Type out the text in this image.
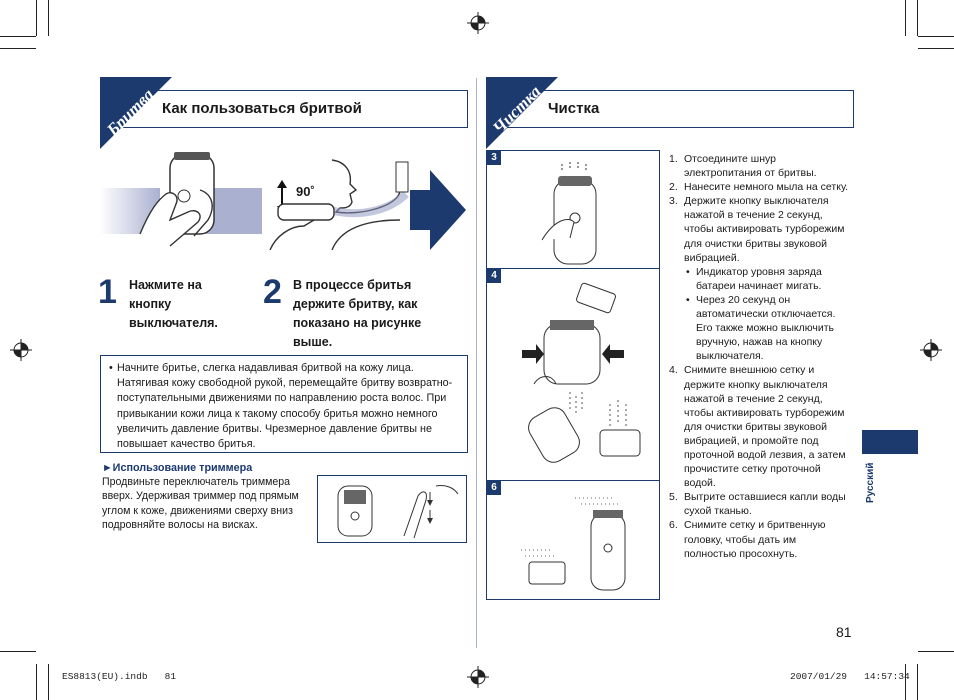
Бритва Как пользоваться бритвой
90˚
1 Нажмите на кнопку выключателя.
2 В процессе бритья держите бритву, как показано на рисунке выше.
• Начните бритье, слегка надавливая бритвой на кожу лица. Натягивая кожу свободной рукой, перемещайте бритву возвратно-поступательными движениями по направлению роста волос. При привыкании кожи лица к такому способу бритья можно немного увеличить давление бритвы. Чрезмерное давление бритвы не повышает качество бритья.
►Использование триммера
Продвиньте переключатель триммера вверх. Удерживая триммер под прямым углом к коже, движениями сверху вниз подровняйте волосы на висках.
Чистка Чистка
3
4
6
1. Отсоедините шнур электропитания от бритвы.
2. Нанесите немного мыла на сетку.
3. Держите кнопку выключателя нажатой в течение 2 секунд, чтобы активировать турборежим для очистки бритвы звуковой вибрацией.
• Индикатор уровня заряда батареи начинает мигать.
• Через 20 секунд он автоматически отключается. Его также можно выключить вручную, нажав на кнопку выключателя.
4. Снимите внешнюю сетку и держите кнопку выключателя нажатой в течение 2 секунд, чтобы активировать турборежим для очистки бритвы звуковой вибрацией, и промойте под проточной водой лезвия, а затем прочистите сетку проточной водой.
5. Вытрите оставшиеся капли воды сухой тканью.
6. Снимите сетку и бритвенную головку, чтобы дать им полностью просохнуть.
Русский
81
ES8813(EU).indb   81	2007/01/29   14:57:34
